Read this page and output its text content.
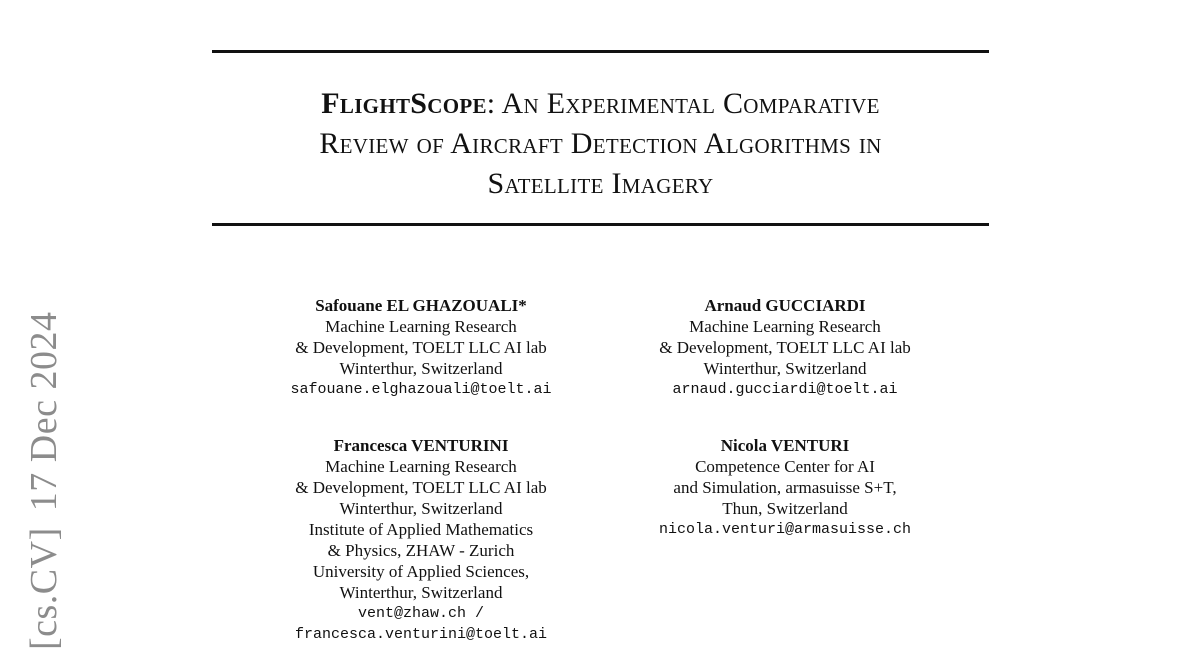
FlightScope: An Experimental Comparative
Review of Aircraft Detection Algorithms in
Satellite Imagery
[cs.CV]17 Dec 2024
Safouane EL GHAZOUALI*
Machine Learning Research
& Development, TOELT LLC AI lab
Winterthur, Switzerland
safouane.elghazouali@toelt.ai
Arnaud GUCCIARDI
Machine Learning Research
& Development, TOELT LLC AI lab
Winterthur, Switzerland
arnaud.gucciardi@toelt.ai
Francesca VENTURINI
Machine Learning Research
& Development, TOELT LLC AI lab
Winterthur, Switzerland
Institute of Applied Mathematics
& Physics, ZHAW - Zurich
University of Applied Sciences,
Winterthur, Switzerland
vent@zhaw.ch /
francesca.venturini@toelt.ai
Nicola VENTURI
Competence Center for AI
and Simulation, armasuisse S+T,
Thun, Switzerland
nicola.venturi@armasuisse.ch
